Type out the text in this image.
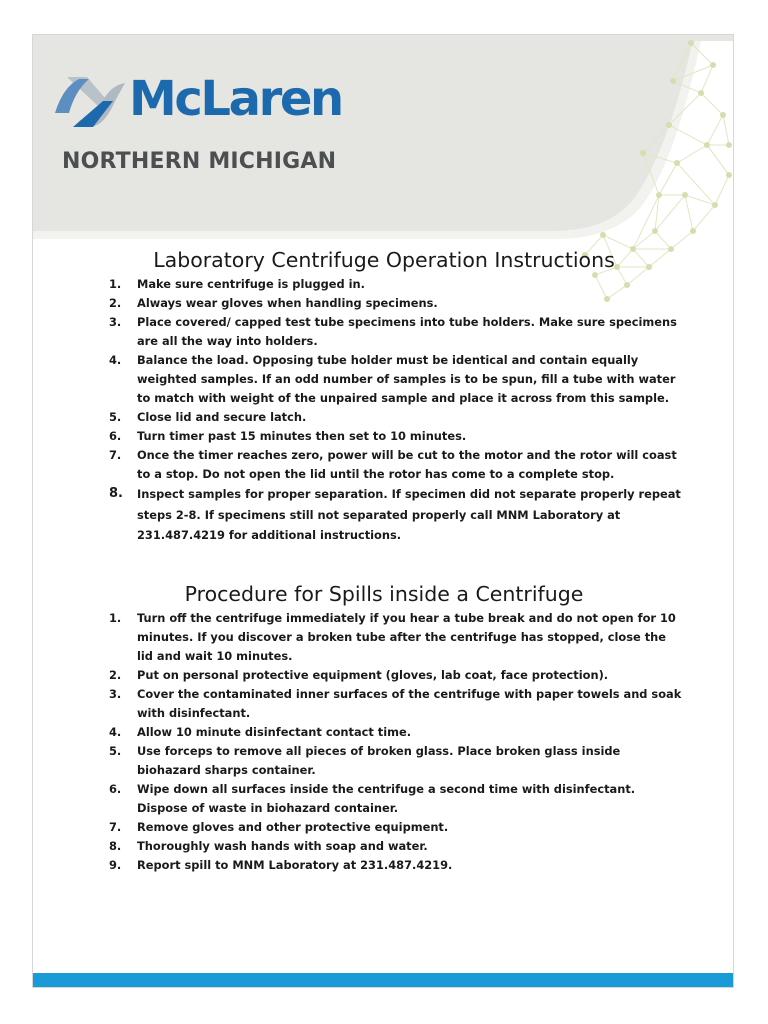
McLaren
NORTHERN MICHIGAN
Laboratory Centrifuge Operation Instructions
1. Make sure centrifuge is plugged in.
2. Always wear gloves when handling specimens.
3. Place covered/ capped test tube specimens into tube holders. Make sure specimens are all the way into holders.
4. Balance the load. Opposing tube holder must be identical and contain equally weighted samples. If an odd number of samples is to be spun, fill a tube with water to match with weight of the unpaired sample and place it across from this sample.
5. Close lid and secure latch.
6. Turn timer past 15 minutes then set to 10 minutes.
7. Once the timer reaches zero, power will be cut to the motor and the rotor will coast to a stop. Do not open the lid until the rotor has come to a complete stop.
8. Inspect samples for proper separation. If specimen did not separate properly repeat steps 2-8. If specimens still not separated properly call MNM Laboratory at 231.487.4219 for additional instructions.
Procedure for Spills inside a Centrifuge
1. Turn off the centrifuge immediately if you hear a tube break and do not open for 10 minutes. If you discover a broken tube after the centrifuge has stopped, close the lid and wait 10 minutes.
2. Put on personal protective equipment (gloves, lab coat, face protection).
3. Cover the contaminated inner surfaces of the centrifuge with paper towels and soak with disinfectant.
4. Allow 10 minute disinfectant contact time.
5. Use forceps to remove all pieces of broken glass. Place broken glass inside biohazard sharps container.
6. Wipe down all surfaces inside the centrifuge a second time with disinfectant. Dispose of waste in biohazard container.
7. Remove gloves and other protective equipment.
8. Thoroughly wash hands with soap and water.
9. Report spill to MNM Laboratory at 231.487.4219.
